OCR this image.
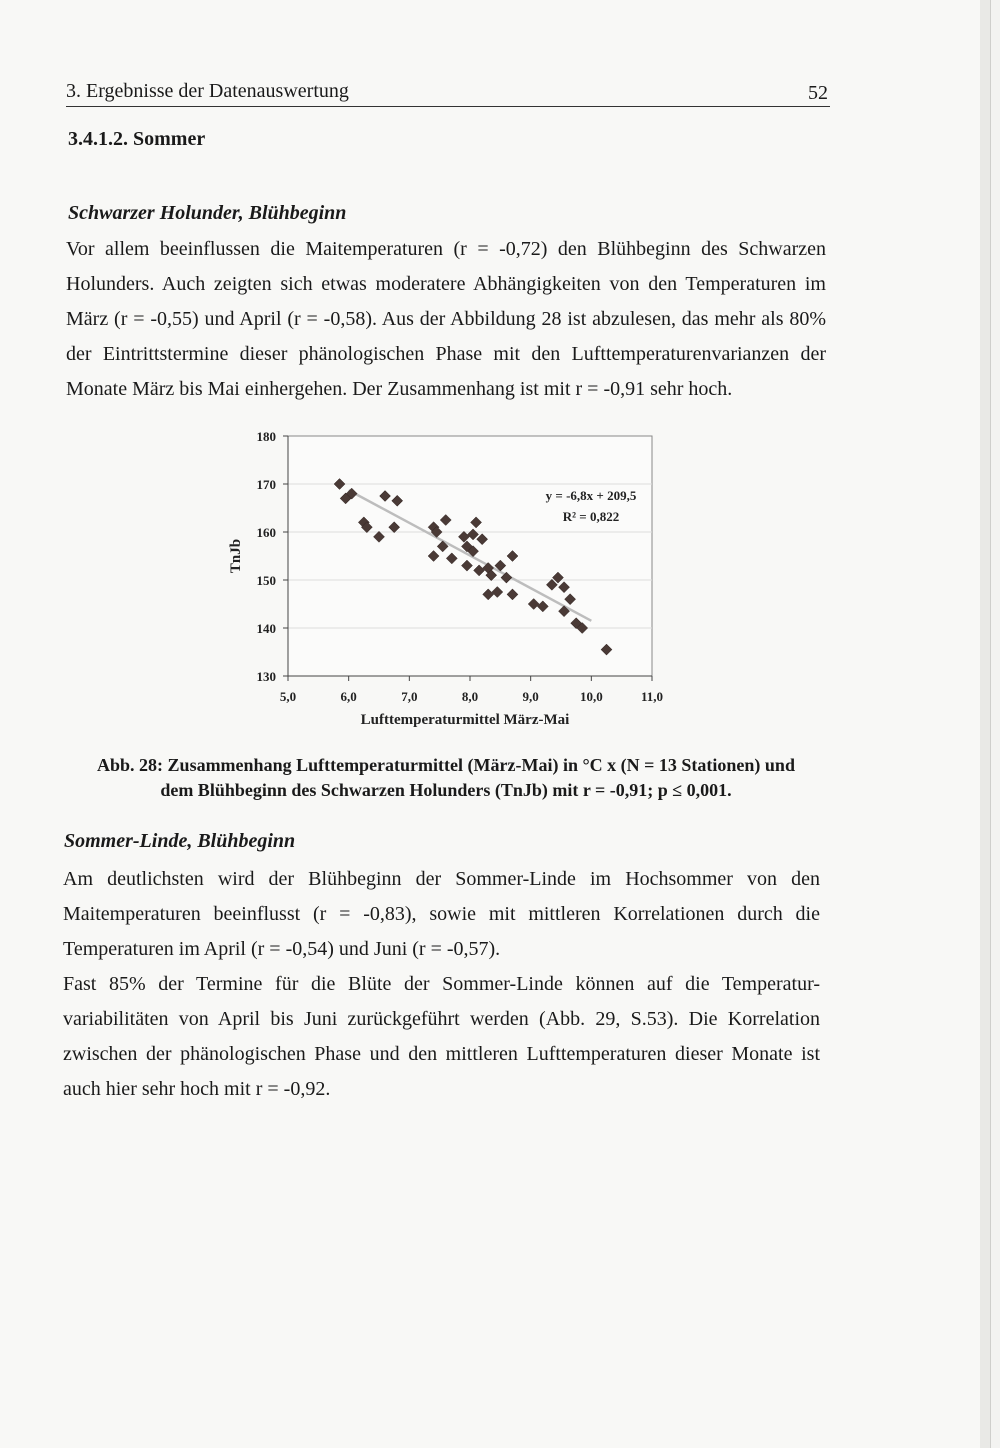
3. Ergebnisse der Datenauswertung	52
3.4.1.2. Sommer
Schwarzer Holunder, Blühbeginn

Vor allem beeinflussen die Maitemperaturen (r = -0,72) den Blühbeginn des Schwarzen Holunders. Auch zeigten sich etwas moderatere Abhängigkeiten von den Temperaturen im März (r = -0,55) und April (r = -0,58). Aus der Abbildung 28 ist abzulesen, das mehr als 80% der Eintrittstermine dieser phänologischen Phase mit den Lufttemperaturenvarianzen der Monate März bis Mai einhergehen. Der Zusammenhang ist mit r = -0,91 sehr hoch.

130
140
150
160
170
180
5,0	6,0	7,0	8,0	9,0	10,0	11,0
y = -6,8x + 209,5
R² = 0,822
Lufttemperaturmittel März-Mai
TnJb
Abb. 28: Zusammenhang Lufttemperaturmittel (März-Mai) in °C x (N = 13 Stationen) und
dem Blühbeginn des Schwarzen Holunders (TnJb) mit r = -0,91; p ≤ 0,001.
Sommer-Linde, Blühbeginn

Am deutlichsten wird der Blühbeginn der Sommer-Linde im Hochsommer von den Maitemperaturen beeinflusst (r = -0,83), sowie mit mittleren Korrelationen durch die Temperaturen im April (r = -0,54) und Juni (r = -0,57).

Fast 85% der Termine für die Blüte der Sommer-Linde können auf die Temperatur-variabilitäten von April bis Juni zurückgeführt werden (Abb. 29, S.53). Die Korrelation zwischen der phänologischen Phase und den mittleren Lufttemperaturen dieser Monate ist auch hier sehr hoch mit r = -0,92.
